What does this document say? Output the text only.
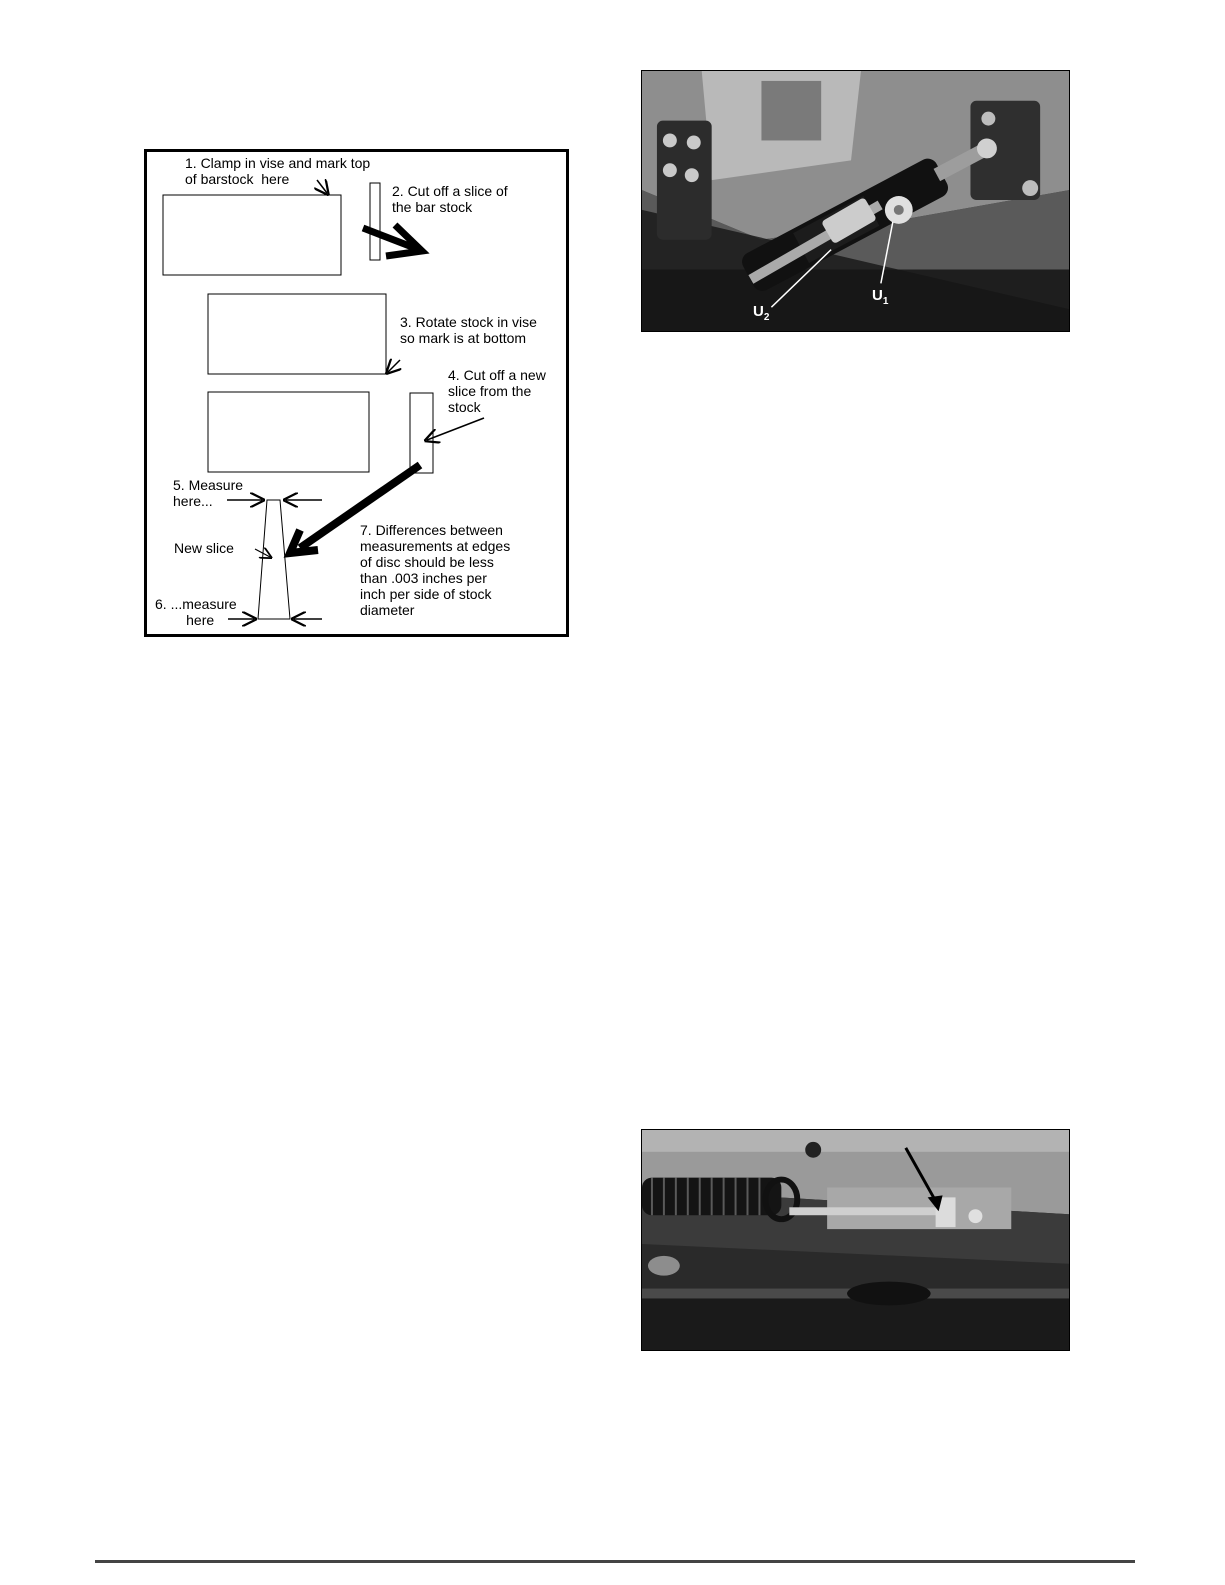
1. Clamp in vise and mark top
of barstock  here
2. Cut off a slice of
the bar stock
3. Rotate stock in vise
so mark is at bottom
4. Cut off a new
slice from the
stock
5. Measure
here...
New slice
6. ...measure
here
7. Differences between
measurements at edges
of disc should be less
than .003 inches per
inch per side of stock
diameter
$U_2$
$U_1$
